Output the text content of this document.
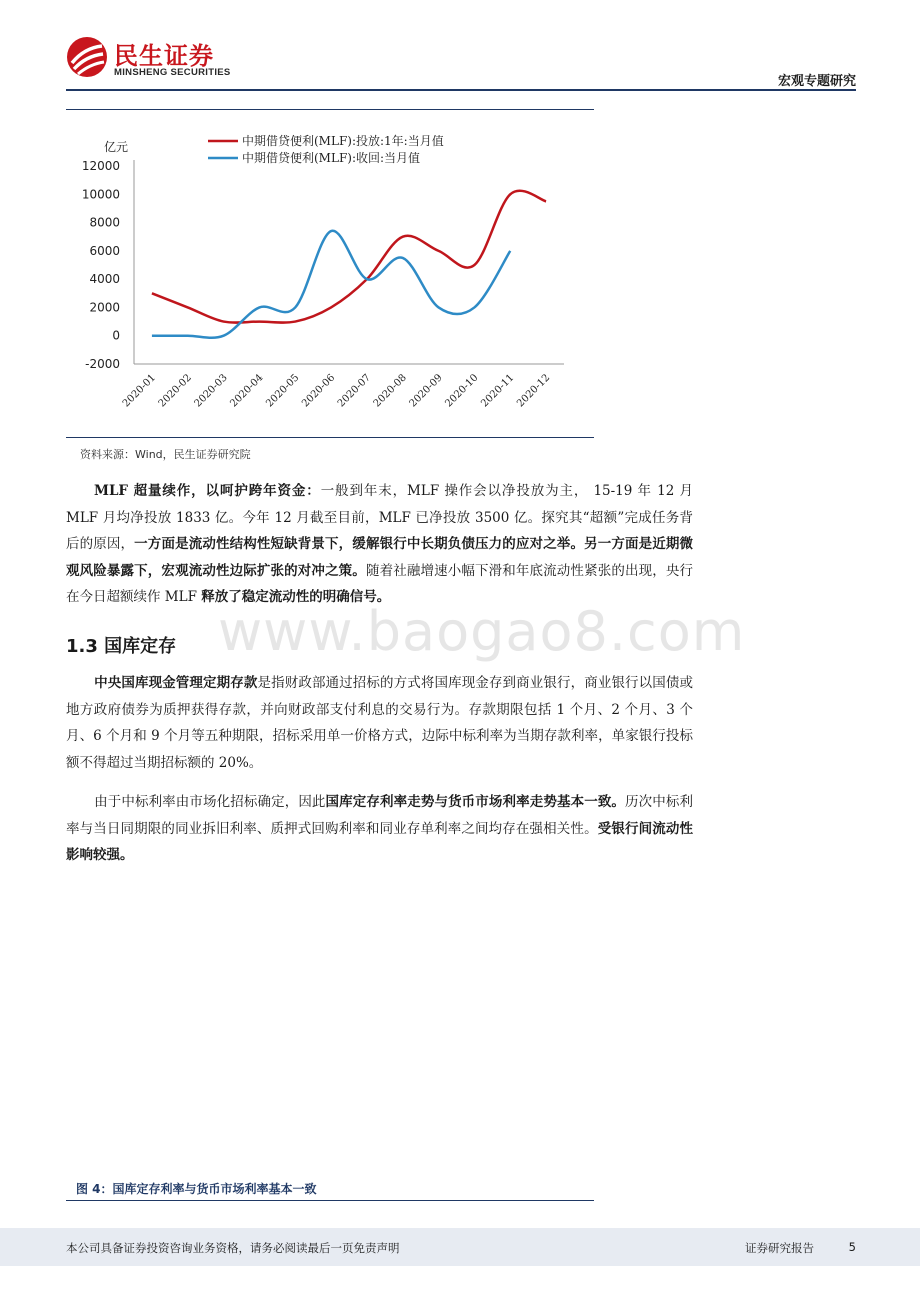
民生证券
MINSHENG SECURITIES
宏观专题研究
亿元
12000
10000
8000
6000
4000
2000
0
-2000
2020-01
2020-02
2020-03
2020-04
2020-05
2020-06
2020-07
2020-08
2020-09
2020-10
2020-11
2020-12
中期借贷便利(MLF):投放:1年:当月值
中期借贷便利(MLF):收回:当月值
资料来源：Wind，民生证券研究院
MLF 超量续作，以呵护跨年资金：一般到年末，MLF 操作会以净投放为主， 15-19 年 12 月 MLF 月均净投放 1833 亿。今年 12 月截至目前，MLF 已净投放 3500 亿。探究其“超额”完成任务背后的原因，一方面是流动性结构性短缺背景下，缓解银行中长期负债压力的应对之举。另一方面是近期微观风险暴露下，宏观流动性边际扩张的对冲之策。随着社融增速小幅下滑和年底流动性紧张的出现，央行在今日超额续作 MLF 释放了稳定流动性的明确信号。
www.baogao8.com
1.3 国库定存
中央国库现金管理定期存款是指财政部通过招标的方式将国库现金存到商业银行，商业银行以国债或地方政府债券为质押获得存款，并向财政部支付利息的交易行为。存款期限包括 1 个月、2 个月、3 个月、6 个月和 9 个月等五种期限，招标采用单一价格方式，边际中标利率为当期存款利率，单家银行投标额不得超过当期招标额的 20%。
由于中标利率由市场化招标确定，因此国库定存利率走势与货币市场利率走势基本一致。历次中标利率与当日同期限的同业拆旧利率、质押式回购利率和同业存单利率之间均存在强相关性。受银行间流动性影响较强。
图 4：国库定存利率与货币市场利率基本一致
本公司具备证券投资咨询业务资格，请务必阅读最后一页免责声明	证券研究报告	5
